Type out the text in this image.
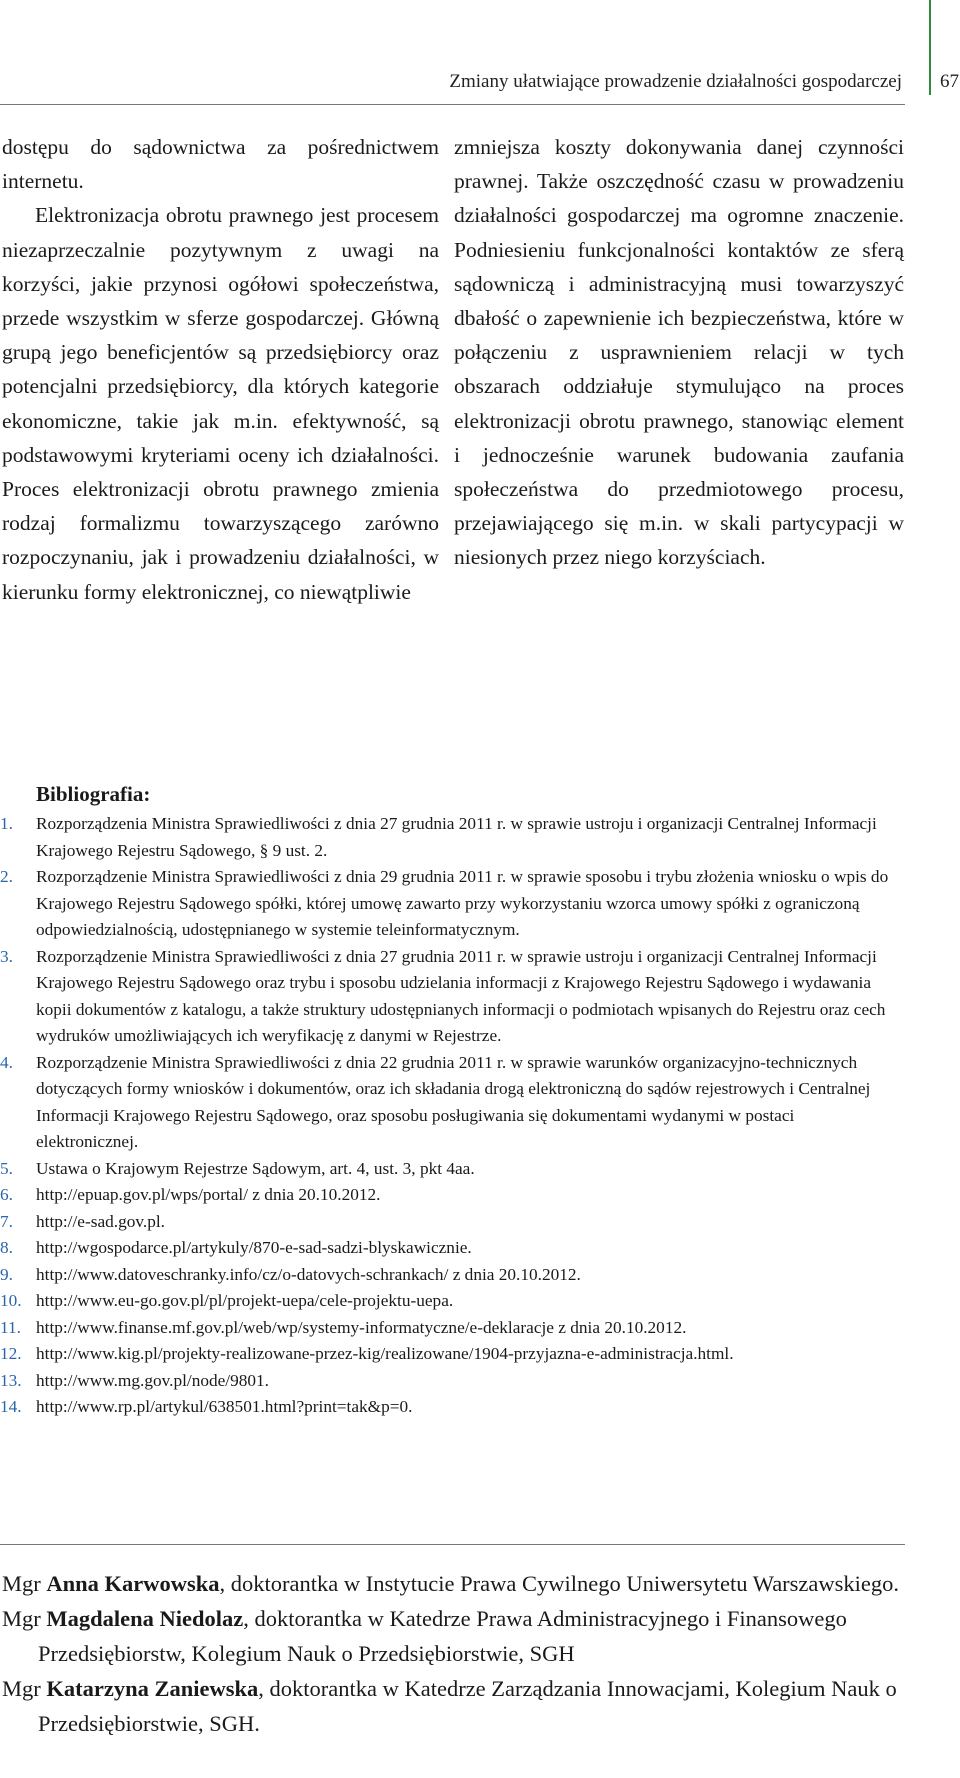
Zmiany ułatwiające prowadzenie działalności gospodarczej 67

dostępu do sądownictwa za pośrednictwem internetu.

Elektronizacja obrotu prawnego jest procesem niezaprzeczalnie pozytywnym z uwagi na korzyści, jakie przynosi ogółowi społeczeństwa, przede wszystkim w sferze gospodarczej. Główną grupą jego beneficjentów są przedsiębiorcy oraz potencjalni przedsiębiorcy, dla których kategorie ekonomiczne, takie jak m.in. efektywność, są podstawowymi kryteriami oceny ich działalności. Proces elektronizacji obrotu prawnego zmienia rodzaj formalizmu towarzyszącego zarówno rozpoczynaniu, jak i prowadzeniu działalności, w kierunku formy elektronicznej, co niewątpliwie

zmniejsza koszty dokonywania danej czynności prawnej. Także oszczędność czasu w prowadzeniu działalności gospodarczej ma ogromne znaczenie. Podniesieniu funkcjonalności kontaktów ze sferą sądowniczą i administracyjną musi towarzyszyć dbałość o zapewnienie ich bezpieczeństwa, które w połączeniu z usprawnieniem relacji w tych obszarach oddziałuje stymulująco na proces elektronizacji obrotu prawnego, stanowiąc element i jednocześnie warunek budowania zaufania społeczeństwa do przedmiotowego procesu, przejawiającego się m.in. w skali partycypacji w niesionych przez niego korzyściach.

Bibliografia:
1.	Rozporządzenia Ministra Sprawiedliwości z dnia 27 grudnia 2011 r. w sprawie ustroju i organizacji Centralnej Informacji Krajowego Rejestru Sądowego, § 9 ust. 2.
2.	Rozporządzenie Ministra Sprawiedliwości z dnia 29 grudnia 2011 r. w sprawie sposobu i trybu złożenia wniosku o wpis do Krajowego Rejestru Sądowego spółki, której umowę zawarto przy wykorzystaniu wzorca umowy spółki z ograniczoną odpowiedzialnością, udostępnianego w systemie teleinformatycznym.
3.	Rozporządzenie Ministra Sprawiedliwości z dnia 27 grudnia 2011 r. w sprawie ustroju i organizacji Centralnej Informacji Krajowego Rejestru Sądowego oraz trybu i sposobu udzielania informacji z Krajowego Rejestru Sądowego i wydawania kopii dokumentów z katalogu, a także struktury udostępnianych informacji o podmiotach wpisanych do Rejestru oraz cech wydruków umożliwiających ich weryfikację z danymi w Rejestrze.
4.	Rozporządzenie Ministra Sprawiedliwości z dnia 22 grudnia 2011 r. w sprawie warunków organizacyjno-technicznych dotyczących formy wniosków i dokumentów, oraz ich składania drogą elektroniczną do sądów rejestrowych i Centralnej Informacji Krajowego Rejestru Sądowego, oraz sposobu posługiwania się dokumentami wydanymi w postaci elektronicznej.
5.	Ustawa o Krajowym Rejestrze Sądowym, art. 4, ust. 3, pkt 4aa.
6.	http://epuap.gov.pl/wps/portal/ z dnia 20.10.2012.
7.	http://e-sad.gov.pl.
8.	http://wgospodarce.pl/artykuly/870-e-sad-sadzi-blyskawicznie.
9.	http://www.datoveschranky.info/cz/o-datovych-schrankach/ z dnia 20.10.2012.
10. http://www.eu-go.gov.pl/pl/projekt-uepa/cele-projektu-uepa.
11. http://www.finanse.mf.gov.pl/web/wp/systemy-informatyczne/e-deklaracje z dnia 20.10.2012.
12. http://www.kig.pl/projekty-realizowane-przez-kig/realizowane/1904-przyjazna-e-administracja.html.
13. http://www.mg.gov.pl/node/9801.
14. http://www.rp.pl/artykul/638501.html?print=tak&p=0.
Mgr Anna Karwowska, doktorantka w Instytucie Prawa Cywilnego Uniwersytetu Warszawskiego.
Mgr Magdalena Niedolaz, doktorantka w Katedrze Prawa Administracyjnego i Finansowego Przedsiębiorstw, Kolegium Nauk o Przedsiębiorstwie, SGH
Mgr Katarzyna Zaniewska, doktorantka w Katedrze Zarządzania Innowacjami, Kolegium Nauk o Przedsiębiorstwie, SGH.
